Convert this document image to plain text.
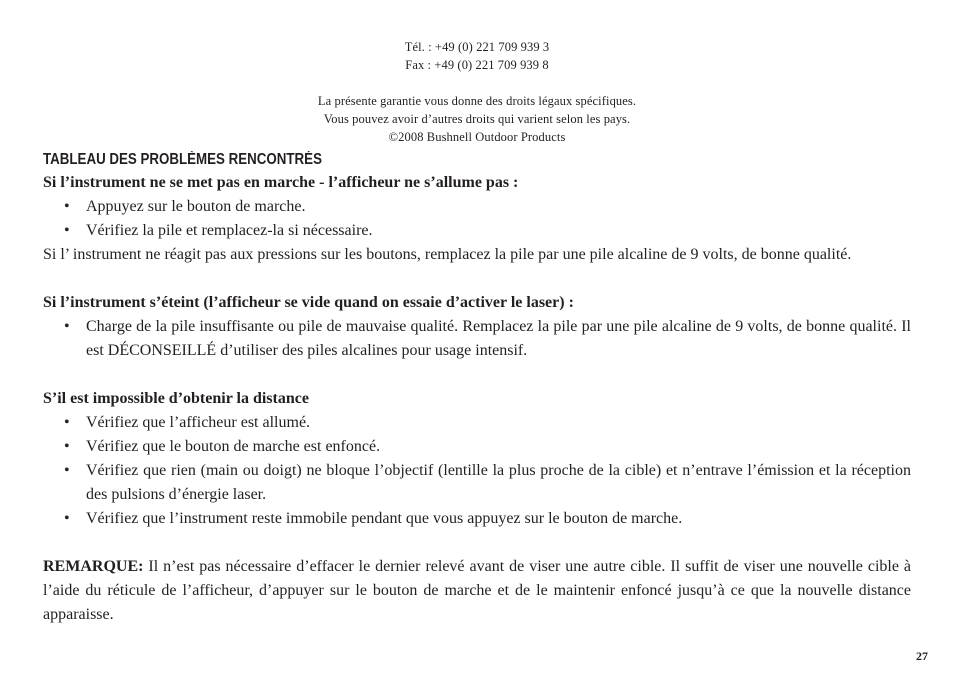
Tél. : +49 (0) 221 709 939 3
Fax : +49 (0) 221 709 939 8
La présente garantie vous donne des droits légaux spécifiques.
Vous pouvez avoir d’autres droits qui varient selon les pays.
©2008 Bushnell Outdoor Products
TABLEAU DES PROBLÈMES RENCONTRÉS
Si l’instrument ne se met pas en marche - l’afficheur ne s’allume pas :
• Appuyez sur le bouton de marche.
• Vérifiez la pile et remplacez-la si nécessaire.

Si l’ instrument ne réagit pas aux pressions sur les boutons, remplacez la pile par une pile alcaline de 9 volts, de bonne qualité.

Si l’instrument s’éteint (l’afficheur se vide quand on essaie d’activer le laser) :
• Charge de la pile insuffisante ou pile de mauvaise qualité. Remplacez la pile par une pile alcaline de 9 volts, de bonne qualité. Il est DÉCONSEILLÉ d’utiliser des piles alcalines pour usage intensif.
S’il est impossible d’obtenir la distance
• Vérifiez que l’afficheur est allumé.
• Vérifiez que le bouton de marche est enfoncé.
• Vérifiez que rien (main ou doigt) ne bloque l’objectif (lentille la plus proche de la cible) et n’entrave l’émission et la réception des pulsions d’énergie laser.
• Vérifiez que l’instrument reste immobile pendant que vous appuyez sur le bouton de marche.

REMARQUE: Il n’est pas nécessaire d’effacer le dernier relevé avant de viser une autre cible. Il suffit de viser une nouvelle cible à l’aide du réticule de l’afficheur, d’appuyer sur le bouton de marche et de le maintenir enfoncé jusqu’à ce que la nouvelle distance apparaisse.

27
